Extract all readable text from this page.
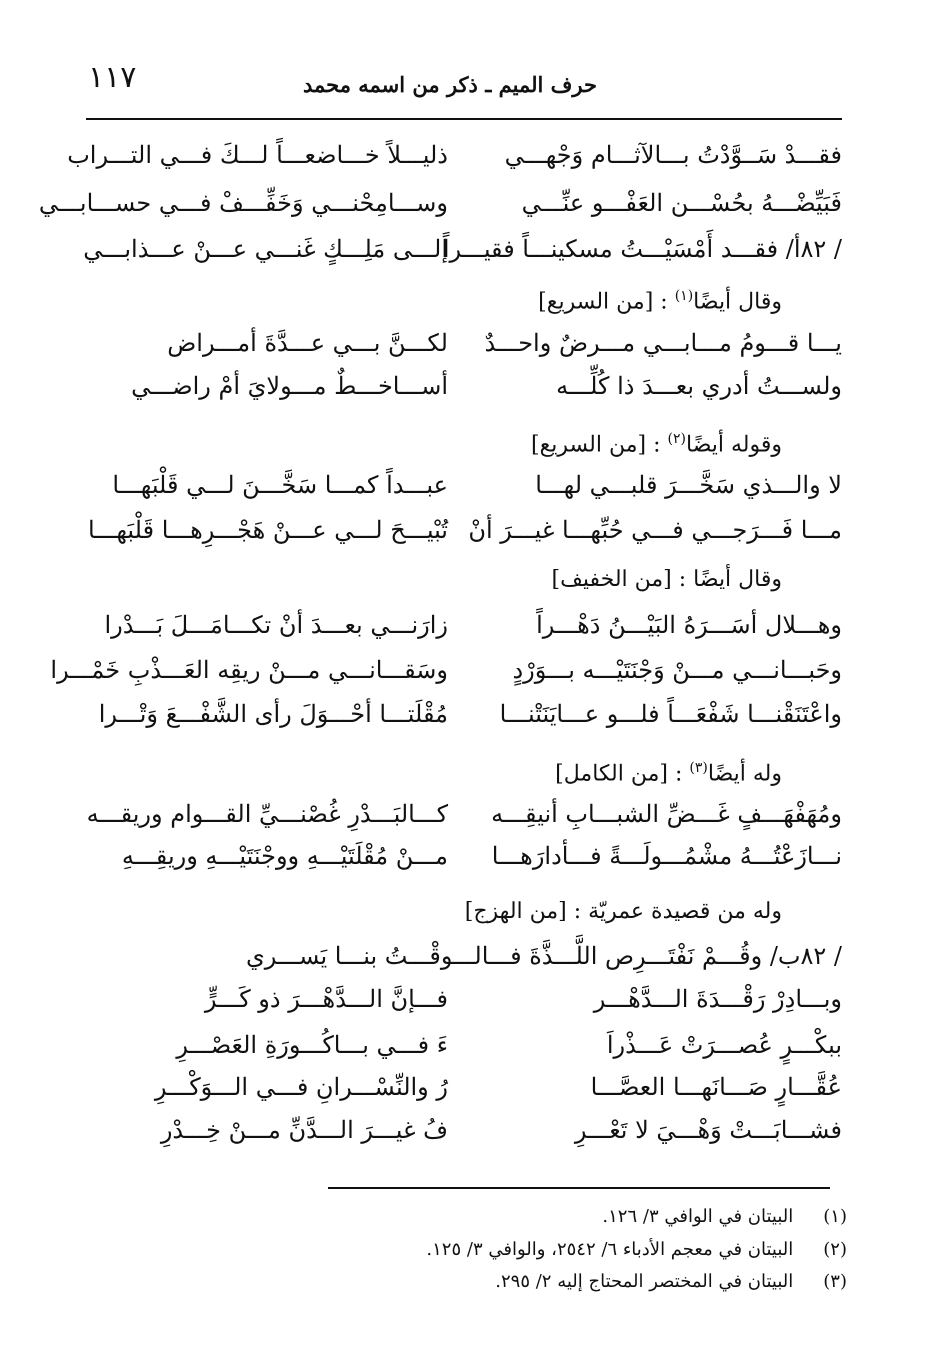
١١٧	حرف الميم ـ ذكر من اسمه محمد
فقـــدْ سَــوَّدْتُ بـــالآثـــام وَجْهـــي
ذليـــلاً خـــاضعـــاً لـــكَ فـــي التـــراب
فَبَيِّضْـــهُ بحُسْـــن العَفْـــو عنِّـــي
وســـامِحْنـــي وَخَفِّـــفْ فـــي حســـابـــي
/ ٨٢أ/ فقـــد أَمْسَيْـــتُ مسكينـــاً فقيـــراً
إلـــى مَلِـــكٍ غَنـــي عـــنْ عـــذابـــي
وقال أيضًا$^{(١)}$ : [من السريع]
يـــا قـــومُ مـــابـــي مـــرضٌ واحـــدٌ
لكـــنَّ بـــي عـــدَّةَ أمـــراض
ولســـتُ أدري بعـــدَ ذا كُلِّـــه
أســـاخـــطٌ مـــولايَ أمْ راضـــي
وقوله أيضًا$^{(٢)}$ : [من السريع]
لا والـــذي سَخَّـــرَ قلبـــي لهـــا
عبـــداً كمـــا سَخَّـــنَ لـــي قَلْبَهـــا
مـــا فَـــرَجـــي فـــي حُبِّهـــا غيـــرَ أنْ
تُبْيـــحَ لـــي عـــنْ هَجْـــرِهـــا قَلْبَهـــا
وقال أيضًا : [من الخفيف]
وهـــلال أسَـــرَهُ البَيْـــنُ دَهْـــراً
زارَنـــي بعـــدَ أنْ تكـــامَـــلَ بَـــدْرا
وحَبـــانـــي مـــنْ وَجْنَتَيْـــه بـــوَرْدٍ
وسَقـــانـــي مـــنْ ريقِه العَـــذْبِ خَمْـــرا
واعْتَنَقْنـــا شَفْعَـــاً فلـــو عـــايَنَتْنـــا
مُقْلَتـــا أحْـــوَلَ رأى الشَّفْـــعَ وَتْـــرا
وله أيضًا$^{(٣)}$ : [من الكامل]
ومُهَفْهَـــفٍ غَـــضِّ الشبـــابِ أنيقِـــه
كـــالبَـــدْرِ غُصْنـــيِّ القـــوام وريقـــه
نـــازَعْتُـــهُ مشْمُـــولَـــةً فـــأدارَهـــا
مـــنْ مُقْلَتَيْـــهِ ووجْنَتَيْـــهِ وريقِـــهِ
وله من قصيدة عمريّة : [من الهزج]
/ ٨٢ب/ وقُـــمْ نَفْتَـــرِص اللَّـــذَّةَ فـــالـــوقْـــتُ بنـــا يَســـري
وبـــادِرْ رَقْـــدَةَ الـــدَّهْـــر
فـــإنَّ الـــدَّهْـــرَ ذو كَـــرٍّ
ببكْـــرٍ عُصـــرَتْ عَـــذْراَ
ءَ فـــي بـــاكُـــورَةِ العَصْـــرِ
عُقَّـــارٍ صَـــانَهـــا العصَّـــا
رُ والنِّسْـــرانِ فـــي الـــوَكْـــرِ
فشـــابَـــتْ وَهْـــيَ لا تَعْـــرِ
فُ غيـــرَ الـــدَّنِّ مـــنْ خِـــدْرِ
(١) البيتان في الوافي ٣/ ١٢٦.
(٢) البيتان في معجم الأدباء ٦/ ٢٥٤٢، والوافي ٣/ ١٢٥.
(٣) البيتان في المختصر المحتاج إليه ٢/ ٢٩٥.
